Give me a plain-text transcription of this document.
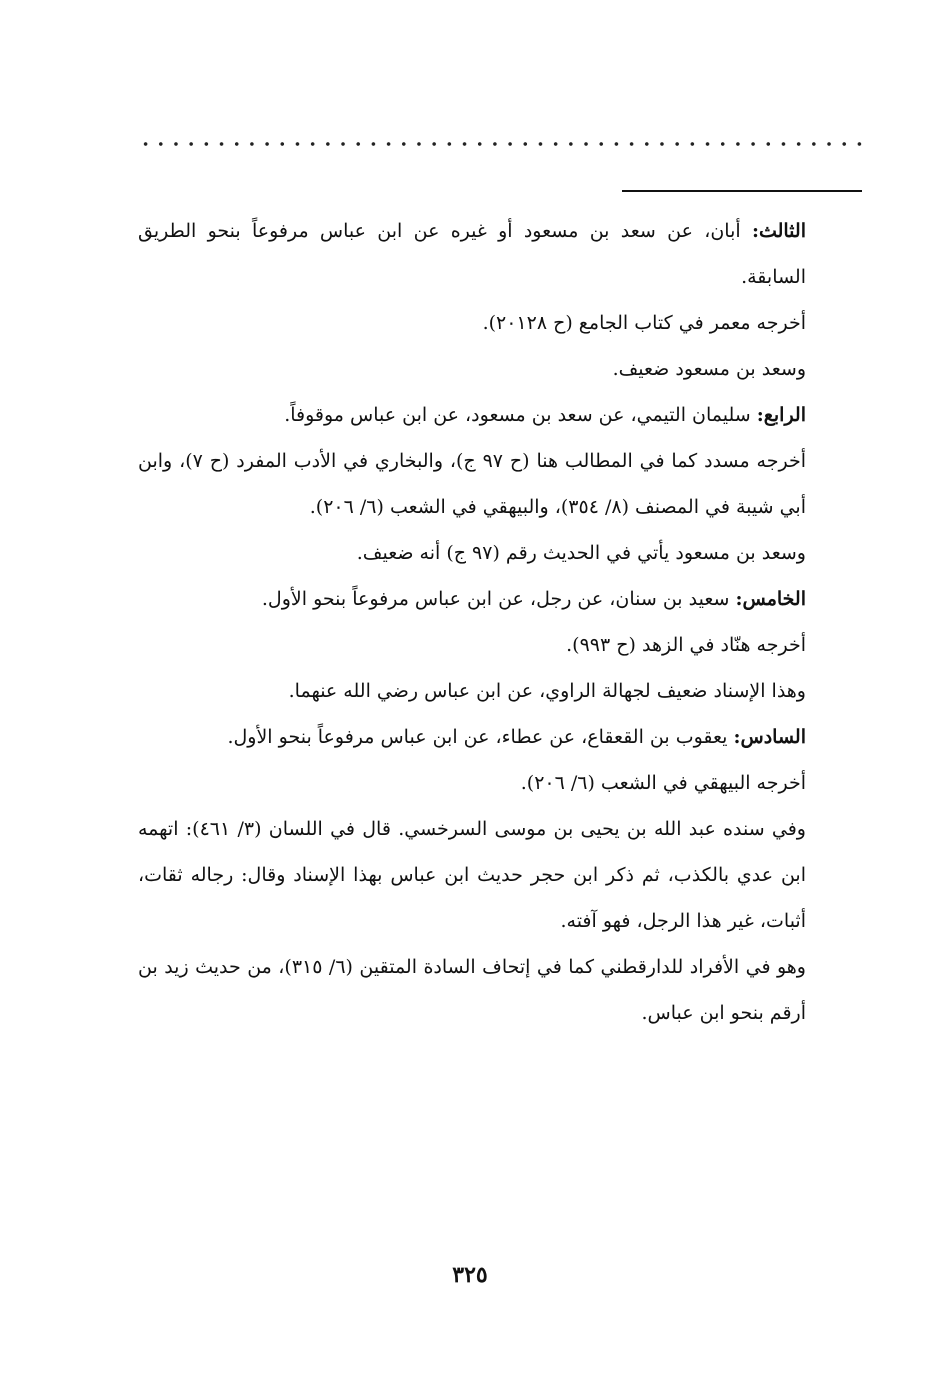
الثالث: أبان، عن سعد بن مسعود أو غيره عن ابن عباس مرفوعاً بنحو الطريق السابقة.

أخرجه معمر في كتاب الجامع (ح ٢٠١٢٨).

وسعد بن مسعود ضعيف.

الرابع: سليمان التيمي، عن سعد بن مسعود، عن ابن عباس موقوفاً.

أخرجه مسدد كما في المطالب هنا (ح ٩٧ ج)، والبخاري في الأدب المفرد (ح ٧)، وابن أبي شيبة في المصنف (٨/ ٣٥٤)، والبيهقي في الشعب (٦/ ٢٠٦).

وسعد بن مسعود يأتي في الحديث رقم (٩٧ ج) أنه ضعيف.

الخامس: سعيد بن سنان، عن رجل، عن ابن عباس مرفوعاً بنحو الأول.

أخرجه هنّاد في الزهد (ح ٩٩٣).

وهذا الإسناد ضعيف لجهالة الراوي، عن ابن عباس رضي الله عنهما.

السادس: يعقوب بن القعقاع، عن عطاء، عن ابن عباس مرفوعاً بنحو الأول.

أخرجه البيهقي في الشعب (٦/ ٢٠٦).

وفي سنده عبد الله بن يحيى بن موسى السرخسي. قال في اللسان (٣/ ٤٦١): اتهمه ابن عدي بالكذب، ثم ذكر ابن حجر حديث ابن عباس بهذا الإسناد وقال: رجاله ثقات، أثبات، غير هذا الرجل، فهو آفته.

وهو في الأفراد للدارقطني كما في إتحاف السادة المتقين (٦/ ٣١٥)، من حديث زيد بن أرقم بنحو ابن عباس.

٣٢٥
